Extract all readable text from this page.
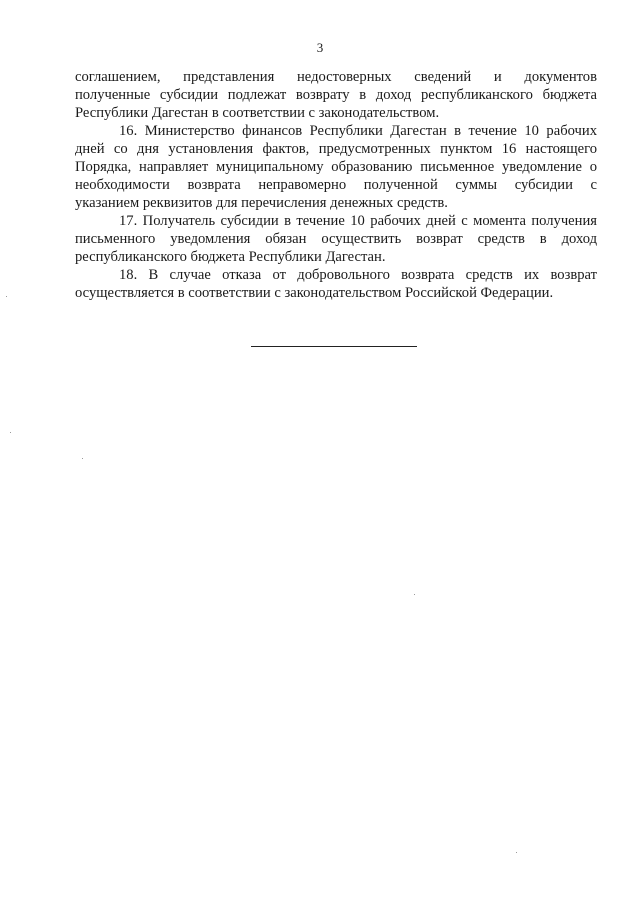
3
соглашением, представления недостоверных сведений и документов
полученные субсидии подлежат возврату в доход республиканского бюджета
Республики Дагестан в соответствии с законодательством.
16. Министерство финансов Республики Дагестан в течение 10 рабочих
дней со дня установления фактов, предусмотренных пунктом 16 настоящего
Порядка, направляет муниципальному образованию письменное уведомление о
необходимости возврата неправомерно полученной суммы субсидии с
указанием реквизитов для перечисления денежных средств.
17. Получатель субсидии в течение 10 рабочих дней с момента получения
письменного уведомления обязан осуществить возврат средств в доход
республиканского бюджета Республики Дагестан.
18. В случае отказа от добровольного возврата средств их возврат
осуществляется в соответствии с законодательством Российской Федерации.
